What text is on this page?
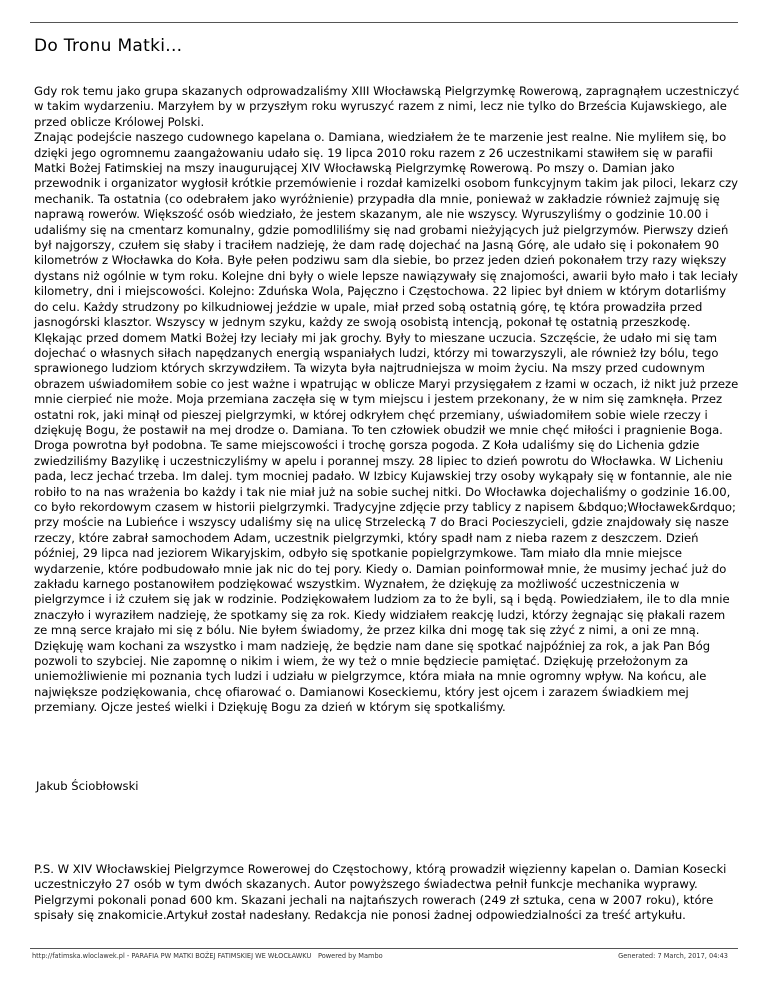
Do Tronu Matki...

Gdy rok temu jako grupa skazanych odprowadzaliśmy XIII Włocławską Pielgrzymkę Rowerową, zapragnąłem uczestniczyć w takim wydarzeniu. Marzyłem by w przyszłym roku wyruszyć razem z nimi, lecz nie tylko do Brześcia Kujawskiego, ale przed oblicze Królowej Polski.

Znając podejście naszego cudownego kapelana o. Damiana, wiedziałem że te marzenie jest realne. Nie myliłem się, bo dzięki jego ogromnemu zaangażowaniu udało się. 19 lipca 2010 roku razem z 26 uczestnikami stawiłem się w parafii Matki Bożej Fatimskiej na mszy inaugurującej XIV Włocławską Pielgrzymkę Rowerową. Po mszy o. Damian jako przewodnik i organizator wygłosił krótkie przemówienie i rozdał kamizelki osobom funkcyjnym takim jak piloci, lekarz czy mechanik. Ta ostatnia (co odebrałem jako wyróżnienie) przypadła dla mnie, ponieważ w zakładzie również zajmuję się naprawą rowerów. Większość osób wiedziało, że jestem skazanym, ale nie wszyscy. Wyruszyliśmy o godzinie 10.00 i udaliśmy się na cmentarz komunalny, gdzie pomodliliśmy się nad grobami nieżyjących już pielgrzymów. Pierwszy dzień był najgorszy, czułem się słaby i traciłem nadzieję, że dam radę dojechać na Jasną Górę, ale udało się i pokonałem 90 kilometrów z Włocławka do Koła. Byłe pełen podziwu sam dla siebie, bo przez jeden dzień pokonałem trzy razy większy dystans niż ogólnie w tym roku. Kolejne dni były o wiele lepsze nawiązywały się znajomości, awarii było mało i tak leciały kilometry, dni i miejscowości. Kolejno: Zduńska Wola, Pajęczno i Częstochowa. 22 lipiec był dniem w którym dotarliśmy do celu. Każdy strudzony po kilkudniowej jeździe w upale, miał przed sobą ostatnią górę, tę która prowadziła przed jasnogórski klasztor. Wszyscy w jednym szyku, każdy ze swoją osobistą intencją, pokonał tę ostatnią przeszkodę. Klękając przed domem Matki Bożej łzy leciały mi jak grochy. Były to mieszane uczucia. Szczęście, że udało mi się tam dojechać o własnych siłach napędzanych energią wspaniałych ludzi, którzy mi towarzyszyli, ale również łzy bólu, tego sprawionego ludziom których skrzywdziłem. Ta wizyta była najtrudniejsza w moim życiu. Na mszy przed cudownym obrazem uświadomiłem sobie co jest ważne i wpatrując w oblicze Maryi przysięgałem z łzami w oczach, iż nikt już przeze mnie cierpieć nie może. Moja przemiana zaczęła się w tym miejscu i jestem przekonany, że w nim się zamknęła. Przez ostatni rok, jaki minął od pieszej pielgrzymki, w której odkryłem chęć przemiany, uświadomiłem sobie wiele rzeczy i dziękuję Bogu, że postawił na mej drodze o. Damiana. To ten człowiek obudził we mnie chęć miłości i pragnienie Boga. Droga powrotna był podobna. Te same miejscowości i trochę gorsza pogoda. Z Koła udaliśmy się do Lichenia gdzie zwiedziliśmy Bazylikę i uczestniczyliśmy w apelu i porannej mszy. 28 lipiec to dzień powrotu do Włocławka. W Licheniu pada, lecz jechać trzeba. Im dalej. tym mocniej padało. W Izbicy Kujawskiej trzy osoby wykąpały się w fontannie, ale nie robiło to na nas wrażenia bo każdy i tak nie miał już na sobie suchej nitki. Do Włocławka dojechaliśmy o godzinie 16.00, co było rekordowym czasem w historii pielgrzymki. Tradycyjne zdjęcie przy tablicy z napisem &bdquo;Włocławek&rdquo; przy moście na Lubieńce i wszyscy udaliśmy się na ulicę Strzelecką 7 do Braci Pocieszycieli, gdzie znajdowały się nasze rzeczy, które zabrał samochodem Adam, uczestnik pielgrzymki, który spadł nam z nieba razem z deszczem. Dzień później, 29 lipca nad jeziorem Wikaryjskim, odbyło się spotkanie popielgrzymkowe. Tam miało dla mnie miejsce wydarzenie, które podbudowało mnie jak nic do tej pory. Kiedy o. Damian poinformował mnie, że musimy jechać już do zakładu karnego postanowiłem podziękować wszystkim. Wyznałem, że dziękuję za możliwość uczestniczenia w pielgrzymce i iż czułem się jak w rodzinie. Podziękowałem ludziom za to że byli, są i będą. Powiedziałem, ile to dla mnie znaczyło i wyraziłem nadzieję, że spotkamy się za rok. Kiedy widziałem reakcję ludzi, którzy żegnając się płakali razem ze mną serce krajało mi się z bólu. Nie byłem świadomy, że przez kilka dni mogę tak się zżyć z nimi, a oni ze mną. Dziękuję wam kochani za wszystko i mam nadzieję, że będzie nam dane się spotkać najpóźniej za rok, a jak Pan Bóg pozwoli to szybciej. Nie zapomnę o nikim i wiem, że wy też o mnie będziecie pamiętać. Dziękuję przełożonym za uniemożliwienie mi poznania tych ludzi i udziału w pielgrzymce, która miała na mnie ogromny wpływ. Na końcu, ale największe podziękowania, chcę ofiarować o. Damianowi Koseckiemu, który jest ojcem i zarazem świadkiem mej przemiany. Ojcze jesteś wielki i Dziękuję Bogu za dzień w którym się spotkaliśmy.

Jakub Ściobłowski

P.S. W XIV Włocławskiej Pielgrzymce Rowerowej do Częstochowy, którą prowadził więzienny kapelan o. Damian Kosecki uczestniczyło 27 osób w tym dwóch skazanych. Autor powyższego świadectwa pełnił funkcje mechanika wyprawy. Pielgrzymi pokonali ponad 600 km. Skazani jechali na najtańszych rowerach (249 zł sztuka, cena w 2007 roku), które spisały się znakomicie.Artykuł został nadesłany. Redakcja nie ponosi żadnej odpowiedzialności za treść artykułu.

http://fatimska.wloclawek.pl - PARAFIA PW MATKI BOŻEJ FATIMSKIEJ WE WŁOCŁAWKU Powered by Mambo	Generated: 7 March, 2017, 04:43
